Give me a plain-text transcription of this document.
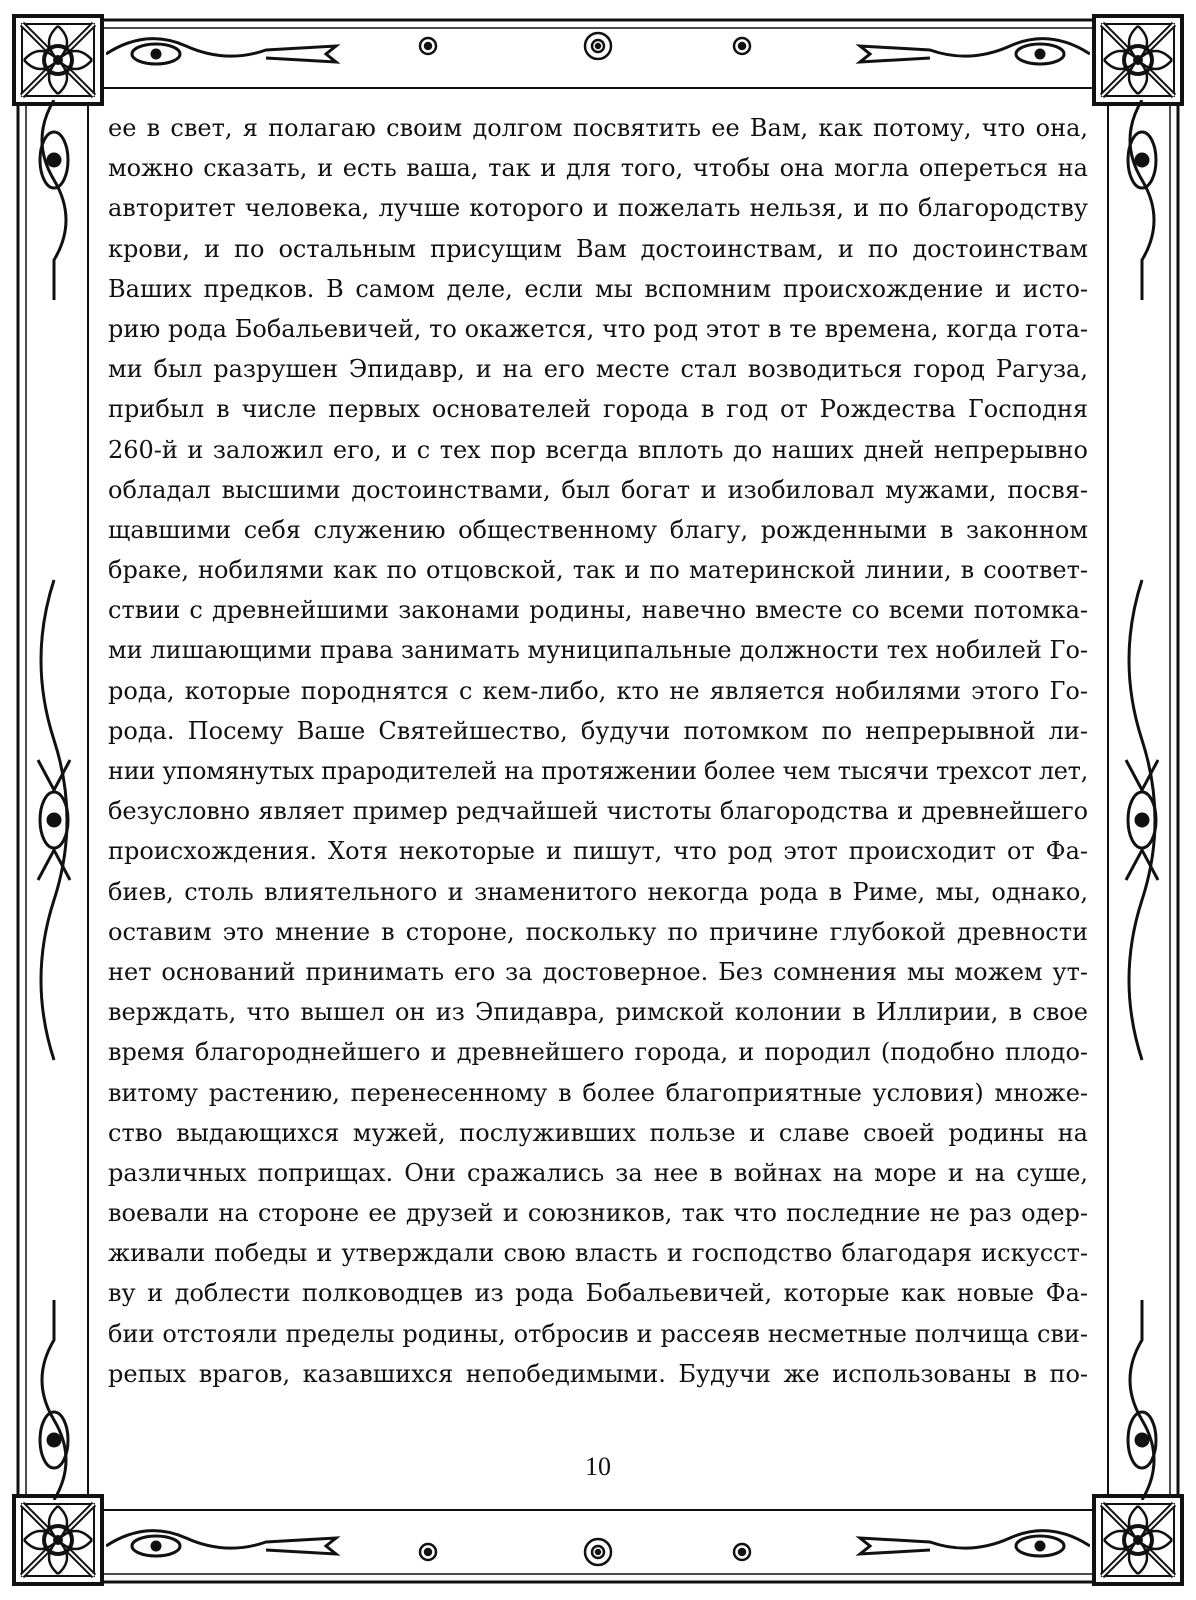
ее в свет, я полагаю своим долгом посвятить ее Вам, как потому, что она,
можно сказать, и есть ваша, так и для того, чтобы она могла опереться на
авторитет человека, лучше которого и пожелать нельзя, и по благородству
крови, и по остальным присущим Вам достоинствам, и по достоинствам
Ваших предков. В самом деле, если мы вспомним происхождение и исто-
рию рода Бобальевичей, то окажется, что род этот в те времена, когда гота-
ми был разрушен Эпидавр, и на его месте стал возводиться город Рагуза,
прибыл в числе первых основателей города в год от Рождества Господня
260-й и заложил его, и с тех пор всегда вплоть до наших дней непрерывно
обладал высшими достоинствами, был богат и изобиловал мужами, посвя-
щавшими себя служению общественному благу, рожденными в законном
браке, нобилями как по отцовской, так и по материнской линии, в соответ-
ствии с древнейшими законами родины, навечно вместе со всеми потомка-
ми лишающими права занимать муниципальные должности тех нобилей Го-
рода, которые породнятся с кем-либо, кто не является нобилями этого Го-
рода. Посему Ваше Святейшество, будучи потомком по непрерывной ли-
нии упомянутых прародителей на протяжении более чем тысячи трехсот лет,
безусловно являет пример редчайшей чистоты благородства и древнейшего
происхождения. Хотя некоторые и пишут, что род этот происходит от Фа-
биев, столь влиятельного и знаменитого некогда рода в Риме, мы, однако,
оставим это мнение в стороне, поскольку по причине глубокой древности
нет оснований принимать его за достоверное. Без сомнения мы можем ут-
верждать, что вышел он из Эпидавра, римской колонии в Иллирии, в свое
время благороднейшего и древнейшего города, и породил (подобно плодо-
витому растению, перенесенному в более благоприятные условия) множе-
ство выдающихся мужей, послуживших пользе и славе своей родины на
различных поприщах. Они сражались за нее в войнах на море и на суше,
воевали на стороне ее друзей и союзников, так что последние не раз одер-
живали победы и утверждали свою власть и господство благодаря искусст-
ву и доблести полководцев из рода Бобальевичей, которые как новые Фа-
бии отстояли пределы родины, отбросив и рассеяв несметные полчища сви-
репых врагов, казавшихся непобедимыми. Будучи же использованы в по-
10
